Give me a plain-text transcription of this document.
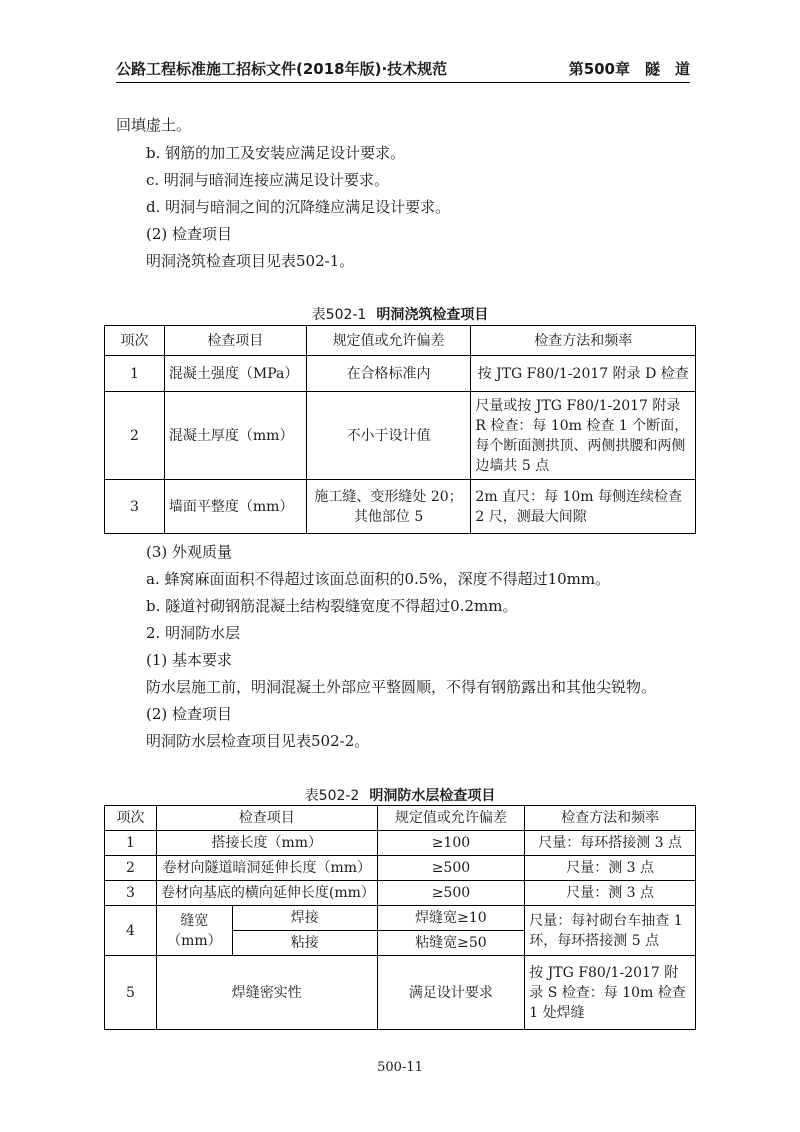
公路工程标准施工招标文件(2018年版)·技术规范	第500章　隧　道
回填虚土。
b. 钢筋的加工及安装应满足设计要求。
c. 明洞与暗洞连接应满足设计要求。
d. 明洞与暗洞之间的沉降缝应满足设计要求。
(2) 检查项目
明洞浇筑检查项目见表502-1。
表502-1 明洞浇筑检查项目
项次	检查项目	规定值或允许偏差	检查方法和频率
1	混凝土强度（MPa）	在合格标准内	按 JTG F80/1-2017 附录 D 检查
2	混凝土厚度（mm）	不小于设计值	尺量或按 JTG F80/1-2017 附录 R 检查：每 10m 检查 1 个断面，每个断面测拱顶、两侧拱腰和两侧边墙共 5 点
3	墙面平整度（mm）	施工缝、变形缝处 20；其他部位 5	2m 直尺：每 10m 每侧连续检查 2 尺，测最大间隙
(3) 外观质量
a. 蜂窝麻面面积不得超过该面总面积的0.5%，深度不得超过10mm。
b. 隧道衬砌钢筋混凝土结构裂缝宽度不得超过0.2mm。
2. 明洞防水层
(1) 基本要求
防水层施工前，明洞混凝土外部应平整圆顺，不得有钢筋露出和其他尖锐物。
(2) 检查项目
明洞防水层检查项目见表502-2。
表502-2 明洞防水层检查项目
项次	检查项目		规定值或允许偏差	检查方法和频率
1	搭接长度（mm）		≥100	尺量：每环搭接测 3 点
2	卷材向隧道暗洞延伸长度（mm）		≥500	尺量：测 3 点
3	卷材向基底的横向延伸长度(mm）		≥500	尺量：测 3 点
4	缝宽（mm）	焊接	焊缝宽≥10	尺量：每衬砌台车抽查 1 环，每环搭接测 5 点
		粘接	粘缝宽≥50	
5	焊缝密实性		满足设计要求	按 JTG F80/1-2017 附录 S 检查：每 10m 检查 1 处焊缝
500-11
